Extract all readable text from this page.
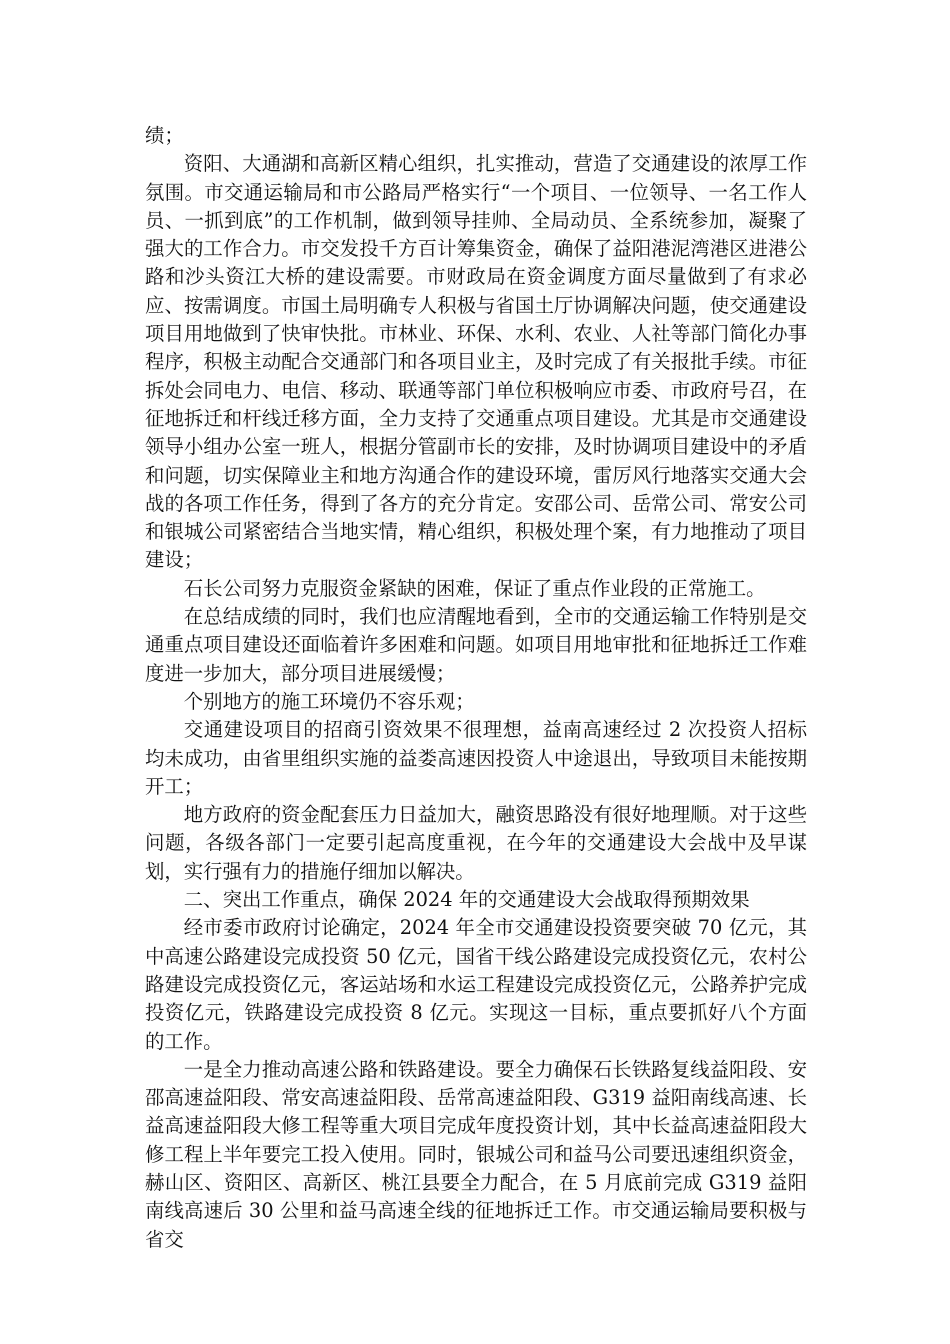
绩；

资阳、大通湖和高新区精心组织，扎实推动，营造了交通建设的浓厚工作氛围。市交通运输局和市公路局严格实行“一个项目、一位领导、一名工作人员、一抓到底”的工作机制，做到领导挂帅、全局动员、全系统参加，凝聚了强大的工作合力。市交发投千方百计筹集资金，确保了益阳港泥湾港区进港公路和沙头资江大桥的建设需要。市财政局在资金调度方面尽量做到了有求必应、按需调度。市国土局明确专人积极与省国土厅协调解决问题，使交通建设项目用地做到了快审快批。市林业、环保、水利、农业、人社等部门简化办事程序，积极主动配合交通部门和各项目业主，及时完成了有关报批手续。市征拆处会同电力、电信、移动、联通等部门单位积极响应市委、市政府号召，在征地拆迁和杆线迁移方面，全力支持了交通重点项目建设。尤其是市交通建设领导小组办公室一班人，根据分管副市长的安排，及时协调项目建设中的矛盾和问题，切实保障业主和地方沟通合作的建设环境，雷厉风行地落实交通大会战的各项工作任务，得到了各方的充分肯定。安邵公司、岳常公司、常安公司和银城公司紧密结合当地实情，精心组织，积极处理个案，有力地推动了项目建设；

石长公司努力克服资金紧缺的困难，保证了重点作业段的正常施工。

在总结成绩的同时，我们也应清醒地看到，全市的交通运输工作特别是交通重点项目建设还面临着许多困难和问题。如项目用地审批和征地拆迁工作难度进一步加大，部分项目进展缓慢；

个别地方的施工环境仍不容乐观；

交通建设项目的招商引资效果不很理想，益南高速经过 2 次投资人招标均未成功，由省里组织实施的益娄高速因投资人中途退出，导致项目未能按期开工；

地方政府的资金配套压力日益加大，融资思路没有很好地理顺。对于这些问题，各级各部门一定要引起高度重视，在今年的交通建设大会战中及早谋划，实行强有力的措施仔细加以解决。

二、突出工作重点，确保 2024 年的交通建设大会战取得预期效果

经市委市政府讨论确定，2024 年全市交通建设投资要突破 70 亿元，其中高速公路建设完成投资 50 亿元，国省干线公路建设完成投资亿元，农村公路建设完成投资亿元，客运站场和水运工程建设完成投资亿元，公路养护完成投资亿元，铁路建设完成投资 8 亿元。实现这一目标，重点要抓好八个方面的工作。

一是全力推动高速公路和铁路建设。要全力确保石长铁路复线益阳段、安邵高速益阳段、常安高速益阳段、岳常高速益阳段、G319 益阳南线高速、长益高速益阳段大修工程等重大项目完成年度投资计划，其中长益高速益阳段大修工程上半年要完工投入使用。同时，银城公司和益马公司要迅速组织资金，赫山区、资阳区、高新区、桃江县要全力配合，在 5 月底前完成 G319 益阳南线高速后 30 公里和益马高速全线的征地拆迁工作。市交通运输局要积极与省交
